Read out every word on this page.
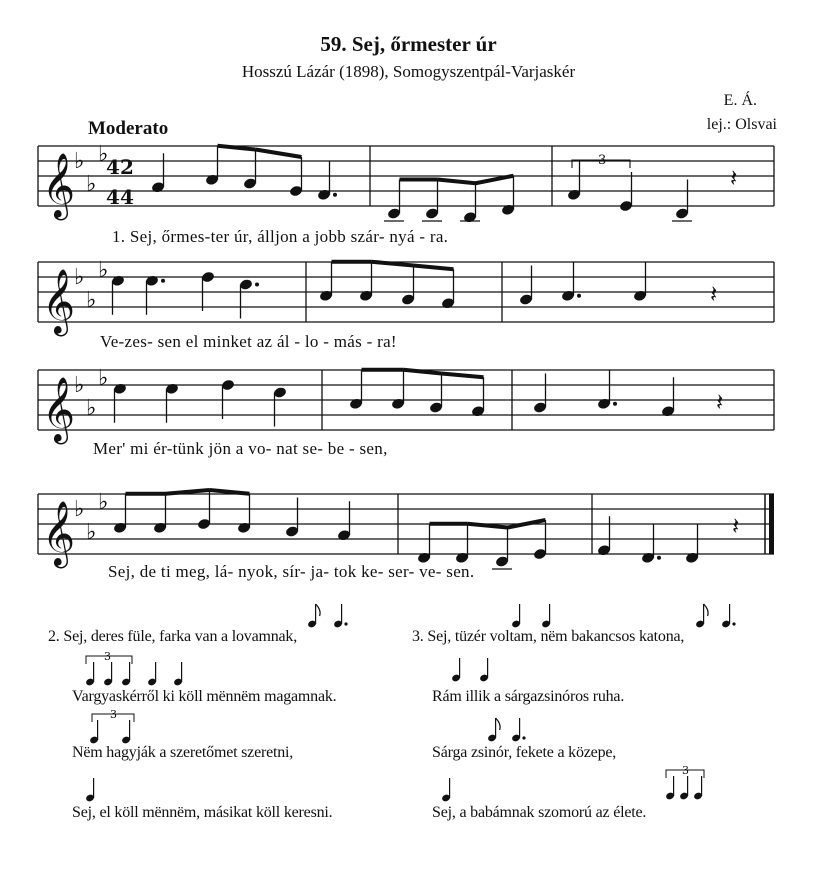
59. Sej, őrmester úr
Hosszú Lázár (1898), Somogyszentpál-Varjaskér
E. Á.
lej.: Olsvai
Moderato
𝄞
♭
♭
♭
4
4
2
4
𝄽
𝄞
♭
♭
♭
𝄽
𝄞
♭
♭
♭
𝄽
𝄞
♭
♭
♭
𝄽
3
3
3
3
1. Sej, őrmes-ter úr, álljon a jobb szár- nyá - ra.
Ve-zes- sen el minket az ál - lo - más - ra!
Mer' mi ér-tünk jön a vo- nat se- be - sen,
Sej, de ti meg, lá- nyok, sír- ja- tok ke- ser- ve- sen.
2. Sej, deres füle, farka van a lovamnak,
Vargyaskérről ki köll mënnëm magamnak.
Nëm hagyják a szeretőmet szeretni,
Sej, el köll mënnëm, másikat köll keresni.
3. Sej, tüzér voltam, nëm bakancsos katona,
Rám illik a sárgazsinóros ruha.
Sárga zsinór, fekete a közepe,
Sej, a babámnak szomorú az élete.
